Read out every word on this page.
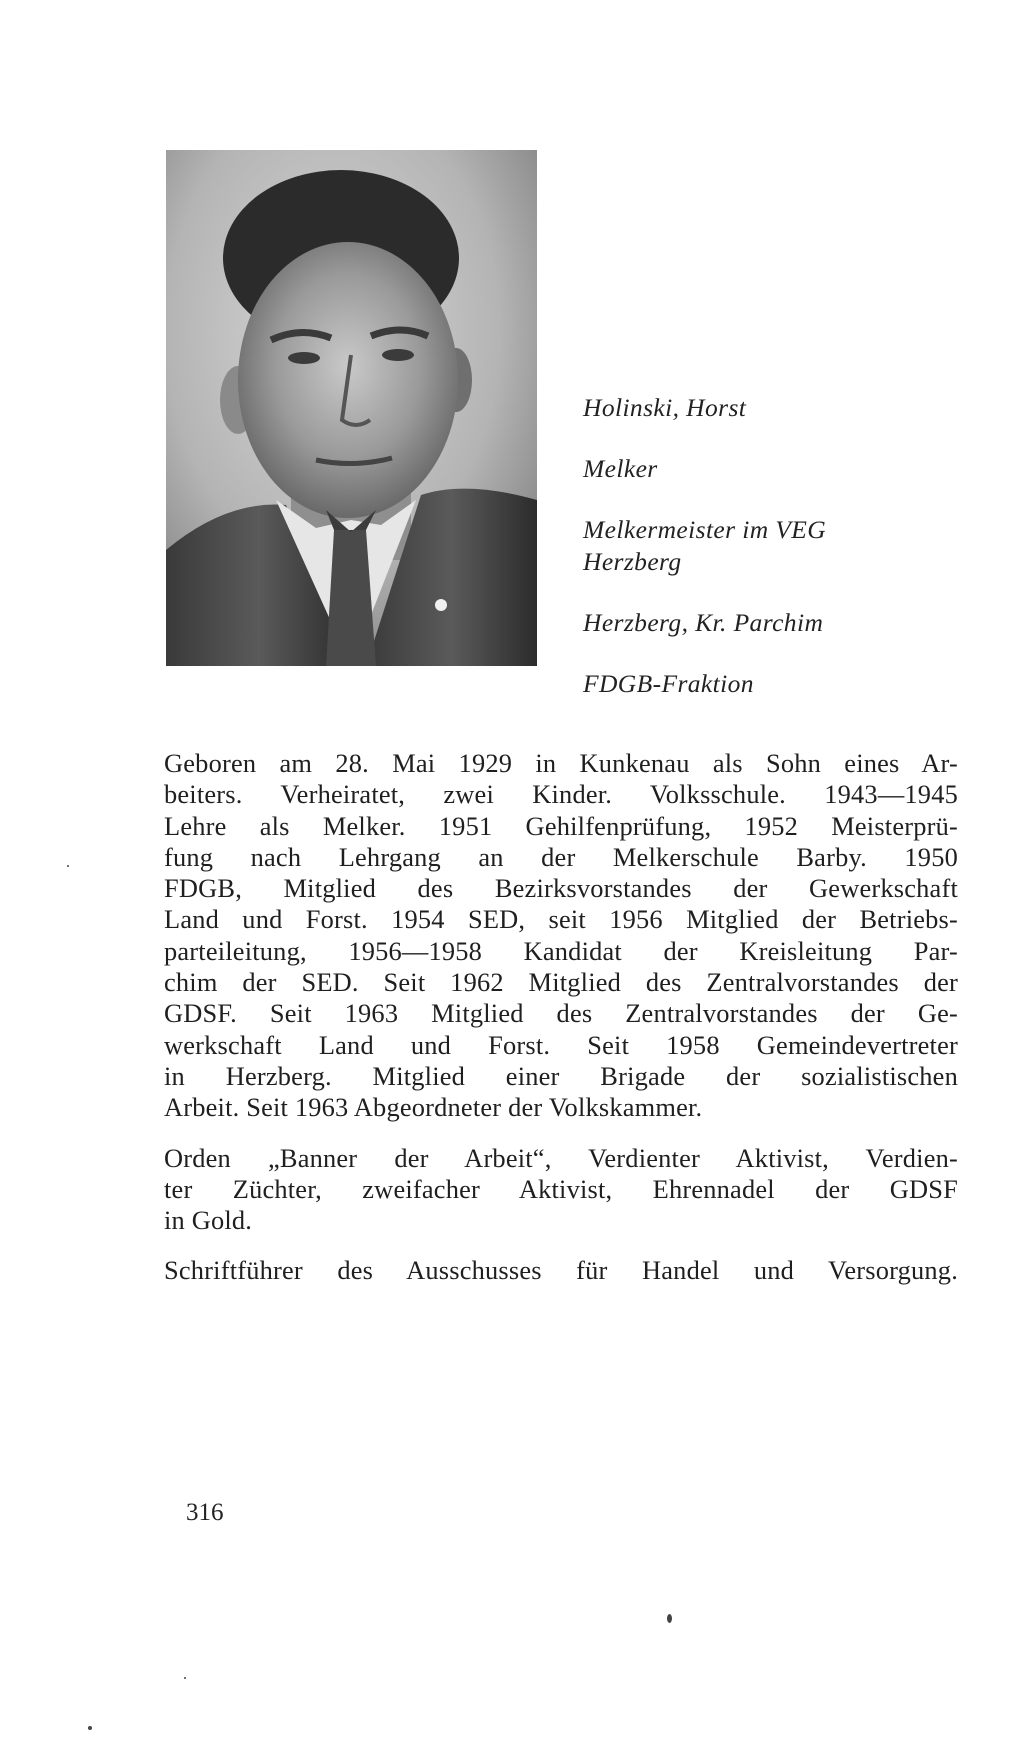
Holinski, Horst
Melker
Melkermeister im VEG
Herzberg
Herzberg, Kr. Parchim
FDGB-Fraktion
Geboren am 28. Mai 1929 in Kunkenau als Sohn eines Ar-
beiters. Verheiratet, zwei Kinder. Volksschule. 1943—1945
Lehre als Melker. 1951 Gehilfenprüfung, 1952 Meisterprü-
fung nach Lehrgang an der Melkerschule Barby. 1950
FDGB, Mitglied des Bezirksvorstandes der Gewerkschaft
Land und Forst. 1954 SED, seit 1956 Mitglied der Betriebs-
parteileitung, 1956—1958 Kandidat der Kreisleitung Par-
chim der SED. Seit 1962 Mitglied des Zentralvorstandes der
GDSF. Seit 1963 Mitglied des Zentralvorstandes der Ge-
werkschaft Land und Forst. Seit 1958 Gemeindevertreter
in Herzberg. Mitglied einer Brigade der sozialistischen
Arbeit. Seit 1963 Abgeordneter der Volkskammer.
Orden „Banner der Arbeit“, Verdienter Aktivist, Verdien-
ter Züchter, zweifacher Aktivist, Ehrennadel der GDSF
in Gold.
Schriftführer des Ausschusses für Handel und Versorgung.
316
